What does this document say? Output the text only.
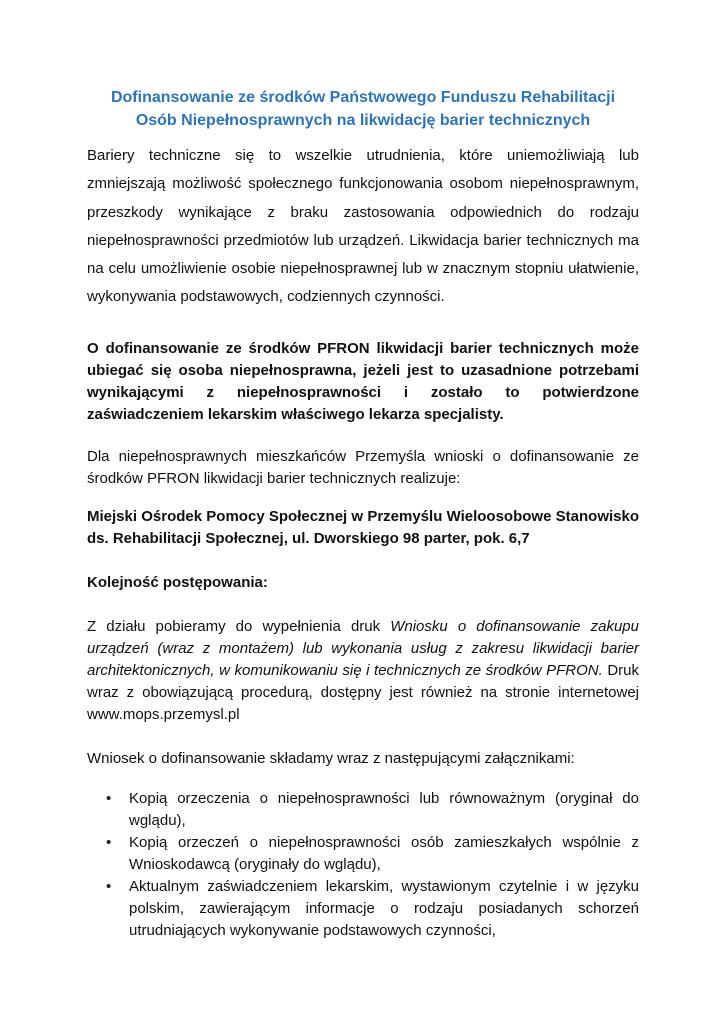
Dofinansowanie ze środków Państwowego Funduszu Rehabilitacji
Osób Niepełnosprawnych na likwidację barier technicznych

Bariery techniczne się to wszelkie utrudnienia, które uniemożliwiają lub zmniejszają możliwość społecznego funkcjonowania osobom niepełnosprawnym, przeszkody wynikające z braku zastosowania odpowiednich do rodzaju niepełnosprawności przedmiotów lub urządzeń. Likwidacja barier technicznych ma na celu umożliwienie osobie niepełnosprawnej lub w znacznym stopniu ułatwienie, wykonywania podstawowych, codziennych czynności.

O dofinansowanie ze środków PFRON likwidacji barier technicznych może ubiegać się osoba niepełnosprawna, jeżeli jest to uzasadnione potrzebami wynikającymi z niepełnosprawności i zostało to potwierdzone zaświadczeniem lekarskim właściwego lekarza specjalisty.

Dla niepełnosprawnych mieszkańców Przemyśla wnioski o dofinansowanie ze środków PFRON likwidacji barier technicznych realizuje:

Miejski Ośrodek Pomocy Społecznej w Przemyślu Wieloosobowe Stanowisko ds. Rehabilitacji Społecznej, ul. Dworskiego 98 parter, pok. 6,7

Kolejność postępowania:

Z działu pobieramy do wypełnienia druk Wniosku o dofinansowanie zakupu urządzeń (wraz z montażem) lub wykonania usług z zakresu likwidacji barier architektonicznych, w komunikowaniu się i technicznych ze środków PFRON. Druk wraz z obowiązującą procedurą, dostępny jest również na stronie internetowej www.mops.przemysl.pl

Wniosek o dofinansowanie składamy wraz z następującymi załącznikami:

• Kopią orzeczenia o niepełnosprawności lub równoważnym (oryginał do wglądu),
• Kopią orzeczeń o niepełnosprawności osób zamieszkałych wspólnie z Wnioskodawcą (oryginały do wglądu),
• Aktualnym zaświadczeniem lekarskim, wystawionym czytelnie i w języku polskim, zawierającym informacje o rodzaju posiadanych schorzeń utrudniających wykonywanie podstawowych czynności,
